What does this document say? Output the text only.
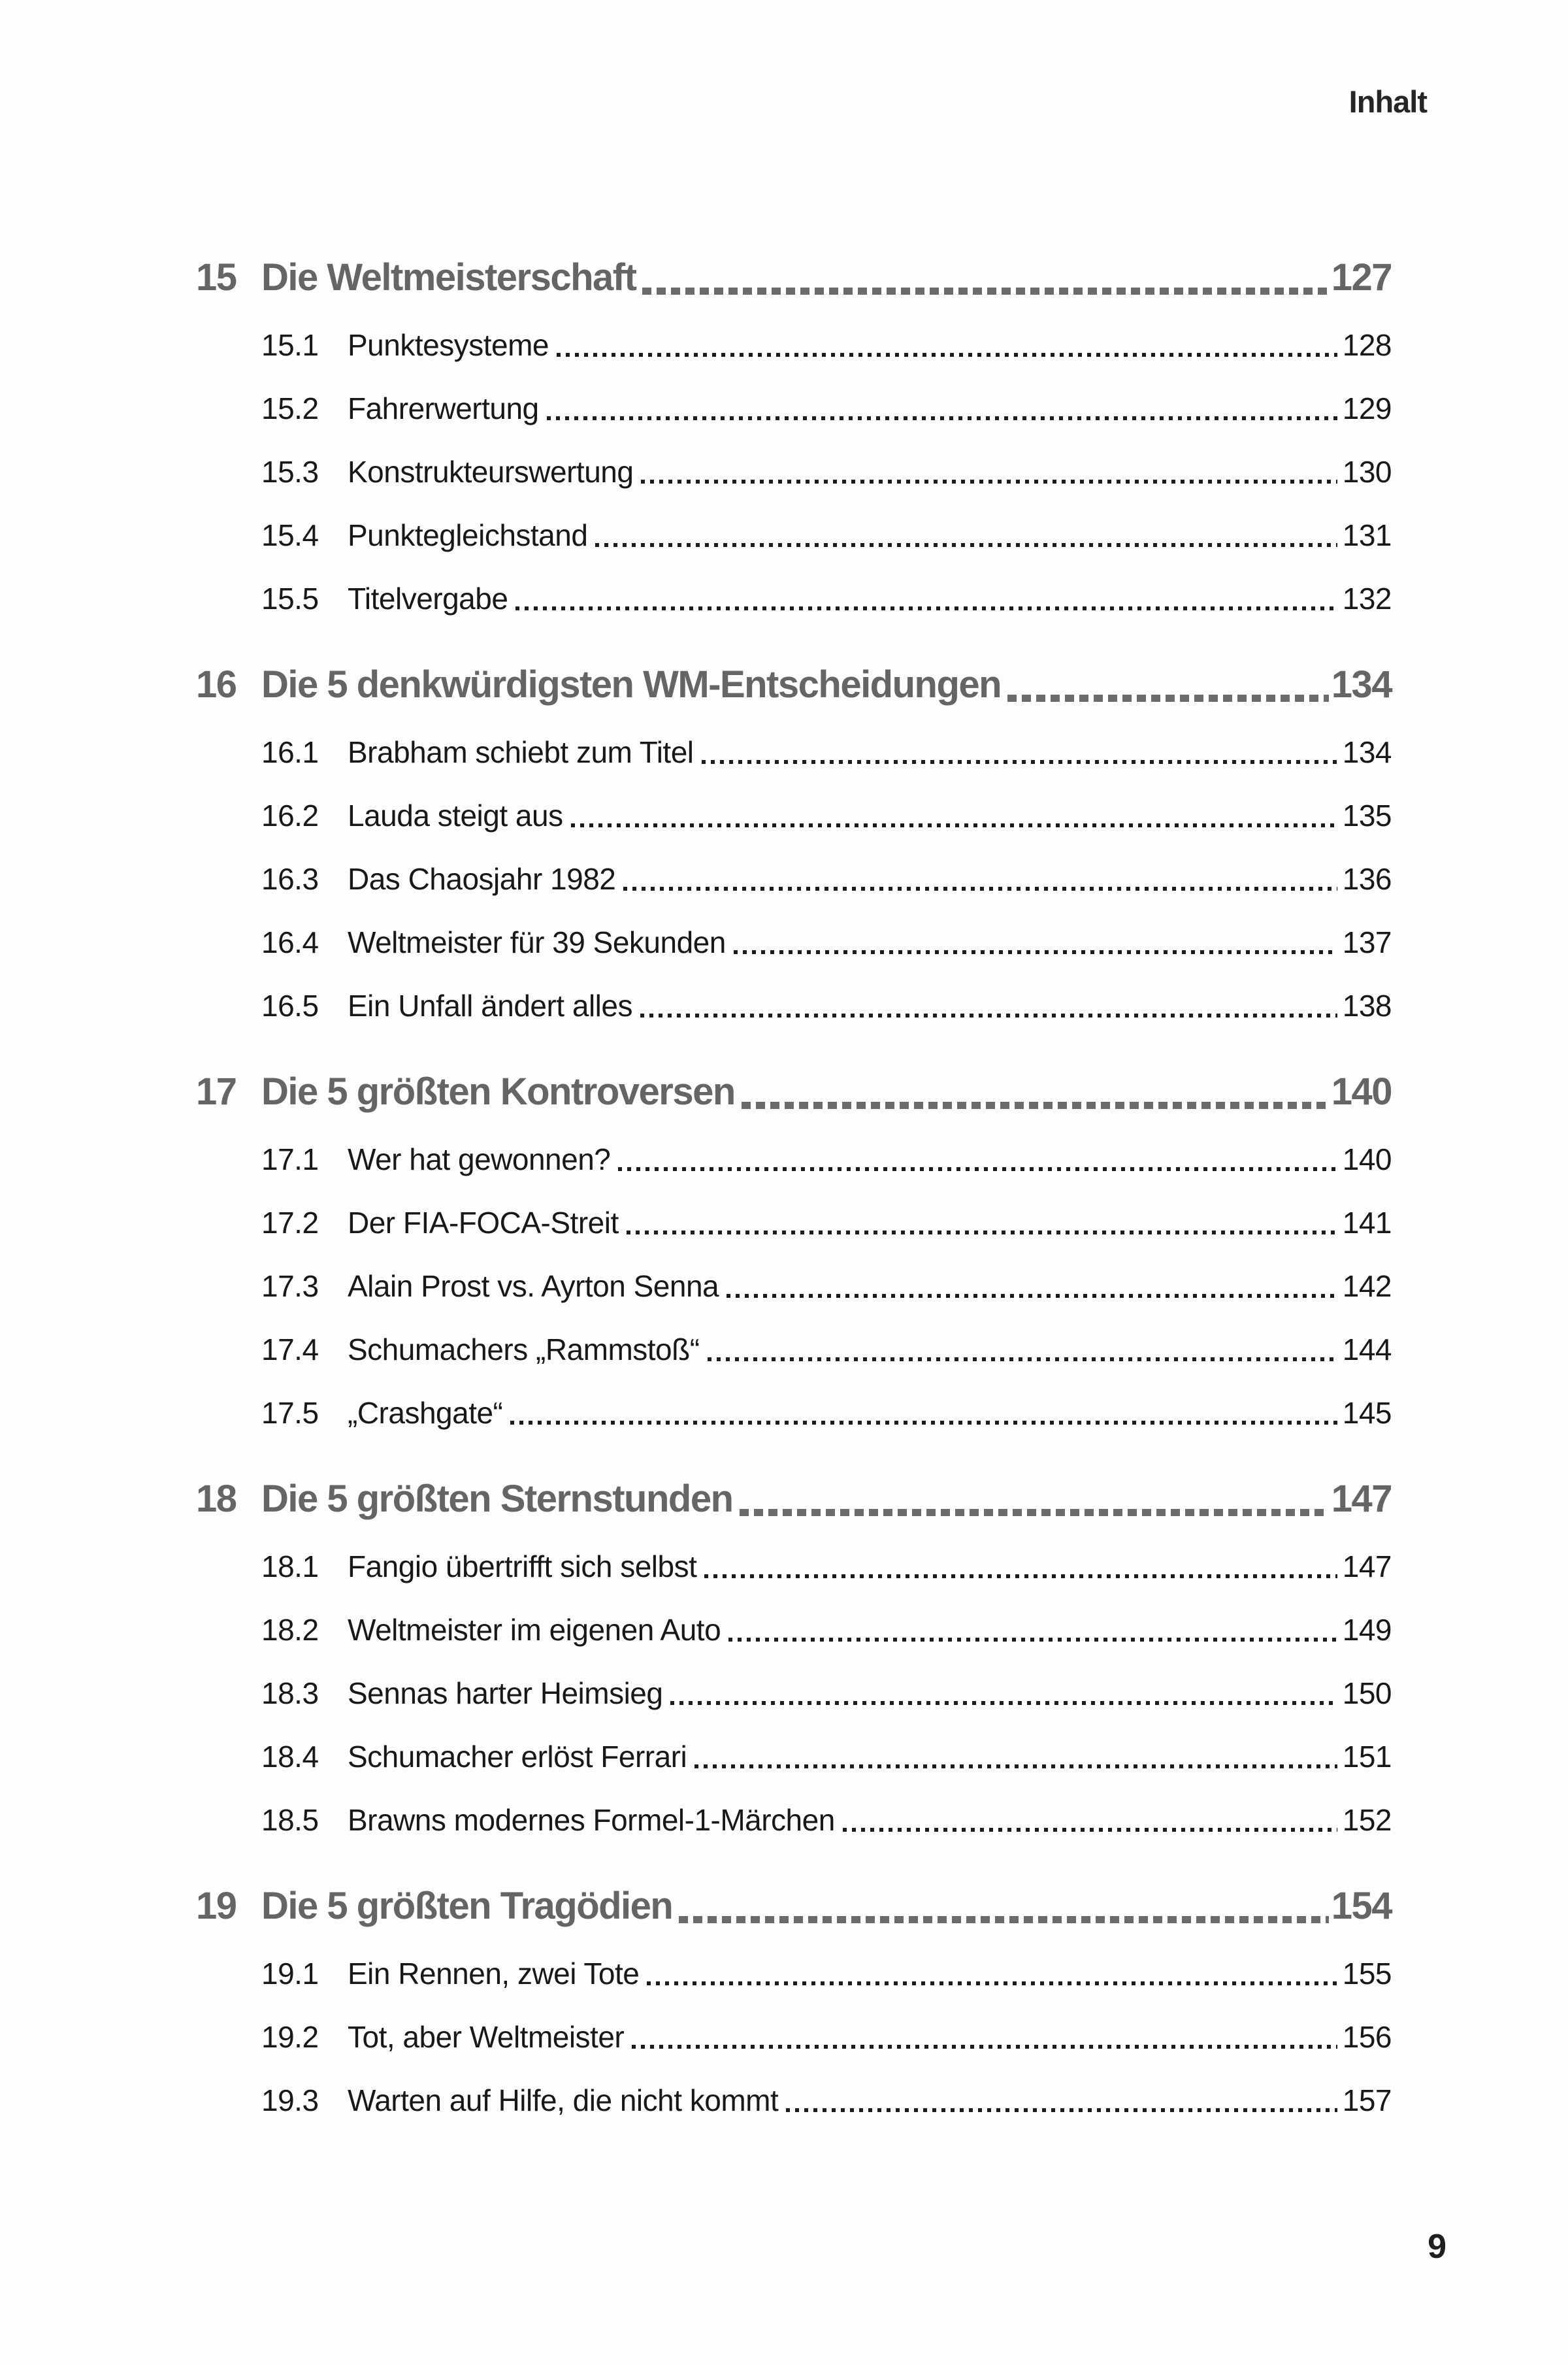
Inhalt
15 Die Weltmeisterschaft	127
15.1 Punktesysteme	128
15.2 Fahrerwertung	129
15.3 Konstrukteurswertung	130
15.4 Punktegleichstand	131
15.5 Titelvergabe	132
16 Die 5 denkwürdigsten WM-Entscheidungen	134
16.1 Brabham schiebt zum Titel	134
16.2 Lauda steigt aus	135
16.3 Das Chaosjahr 1982	136
16.4 Weltmeister für 39 Sekunden	137
16.5 Ein Unfall ändert alles	138
17 Die 5 größten Kontroversen	140
17.1 Wer hat gewonnen?	140
17.2 Der FIA-FOCA-Streit	141
17.3 Alain Prost vs. Ayrton Senna	142
17.4 Schumachers „Rammstoß“	144
17.5 „Crashgate“	145
18 Die 5 größten Sternstunden	147
18.1 Fangio übertrifft sich selbst	147
18.2 Weltmeister im eigenen Auto	149
18.3 Sennas harter Heimsieg	150
18.4 Schumacher erlöst Ferrari	151
18.5 Brawns modernes Formel-1-Märchen	152
19 Die 5 größten Tragödien	154
19.1 Ein Rennen, zwei Tote	155
19.2 Tot, aber Weltmeister	156
19.3 Warten auf Hilfe, die nicht kommt	157
9
